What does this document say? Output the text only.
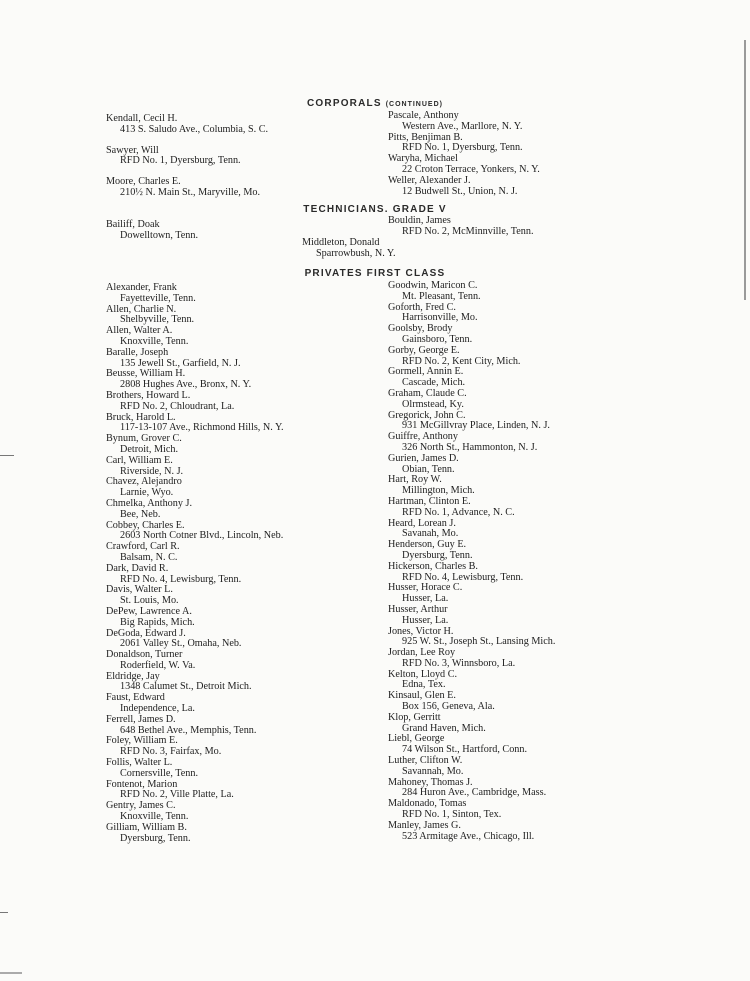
CORPORALS (CONTINUED)
Kendall, Cecil H.
413 S. Saludo Ave., Columbia, S. C.
Sawyer, Will
RFD No. 1, Dyersburg, Tenn.
Moore, Charles E.
210½ N. Main St., Maryville, Mo.
Pascale, Anthony
Western Ave., Marllore, N. Y.
Pitts, Benjiman B.
RFD No. 1, Dyersburg, Tenn.
Waryha, Michael
22 Croton Terrace, Yonkers, N. Y.
Weller, Alexander J.
12 Budwell St., Union, N. J.
TECHNICIANS. GRADE V
Bailiff, Doak
Dowelltown, Tenn.
Bouldin, James
RFD No. 2, McMinnville, Tenn.
Middleton, Donald
Sparrowbush, N. Y.
PRIVATES FIRST CLASS
Alexander, Frank
Fayetteville, Tenn.
Allen, Charlie N.
Shelbyville, Tenn.
Allen, Walter A.
Knoxville, Tenn.
Baralle, Joseph
135 Jewell St., Garfield, N. J.
Beusse, William H.
2808 Hughes Ave., Bronx, N. Y.
Brothers, Howard L.
RFD No. 2, Chloudrant, La.
Bruck, Harold L.
117-13-107 Ave., Richmond Hills, N. Y.
Bynum, Grover C.
Detroit, Mich.
Carl, William E.
Riverside, N. J.
Chavez, Alejandro
Larnie, Wyo.
Chmelka, Anthony J.
Bee, Neb.
Cobbey, Charles E.
2603 North Cotner Blvd., Lincoln, Neb.
Crawford, Carl R.
Balsam, N. C.
Dark, David R.
RFD No. 4, Lewisburg, Tenn.
Davis, Walter L.
St. Louis, Mo.
DePew, Lawrence A.
Big Rapids, Mich.
DeGoda, Edward J.
2061 Valley St., Omaha, Neb.
Donaldson, Turner
Roderfield, W. Va.
Eldridge, Jay
1348 Calumet St., Detroit Mich.
Faust, Edward
Independence, La.
Ferrell, James D.
648 Bethel Ave., Memphis, Tenn.
Foley, William E.
RFD No. 3, Fairfax, Mo.
Follis, Walter L.
Cornersville, Tenn.
Fontenot, Marion
RFD No. 2, Ville Platte, La.
Gentry, James C.
Knoxville, Tenn.
Gilliam, William B.
Dyersburg, Tenn.
Goodwin, Maricon C.
Mt. Pleasant, Tenn.
Goforth, Fred C.
Harrisonville, Mo.
Goolsby, Brody
Gainsboro, Tenn.
Gorby, George E.
RFD No. 2, Kent City, Mich.
Gormell, Annin E.
Cascade, Mich.
Graham, Claude C.
Olrmstead, Ky.
Gregorick, John C.
931 McGillvray Place, Linden, N. J.
Guiffre, Anthony
326 North St., Hammonton, N. J.
Gurien, James D.
Obian, Tenn.
Hart, Roy W.
Millington, Mich.
Hartman, Clinton E.
RFD No. 1, Advance, N. C.
Heard, Lorean J.
Savanah, Mo.
Henderson, Guy E.
Dyersburg, Tenn.
Hickerson, Charles B.
RFD No. 4, Lewisburg, Tenn.
Husser, Horace C.
Husser, La.
Husser, Arthur
Husser, La.
Jones, Victor H.
925 W. St., Joseph St., Lansing Mich.
Jordan, Lee Roy
RFD No. 3, Winnsboro, La.
Kelton, Lloyd C.
Edna, Tex.
Kinsaul, Glen E.
Box 156, Geneva, Ala.
Klop, Gerritt
Grand Haven, Mich.
Liebl, George
74 Wilson St., Hartford, Conn.
Luther, Clifton W.
Savannah, Mo.
Mahoney, Thomas J.
284 Huron Ave., Cambridge, Mass.
Maldonado, Tomas
RFD No. 1, Sinton, Tex.
Manley, James G.
523 Armitage Ave., Chicago, Ill.
